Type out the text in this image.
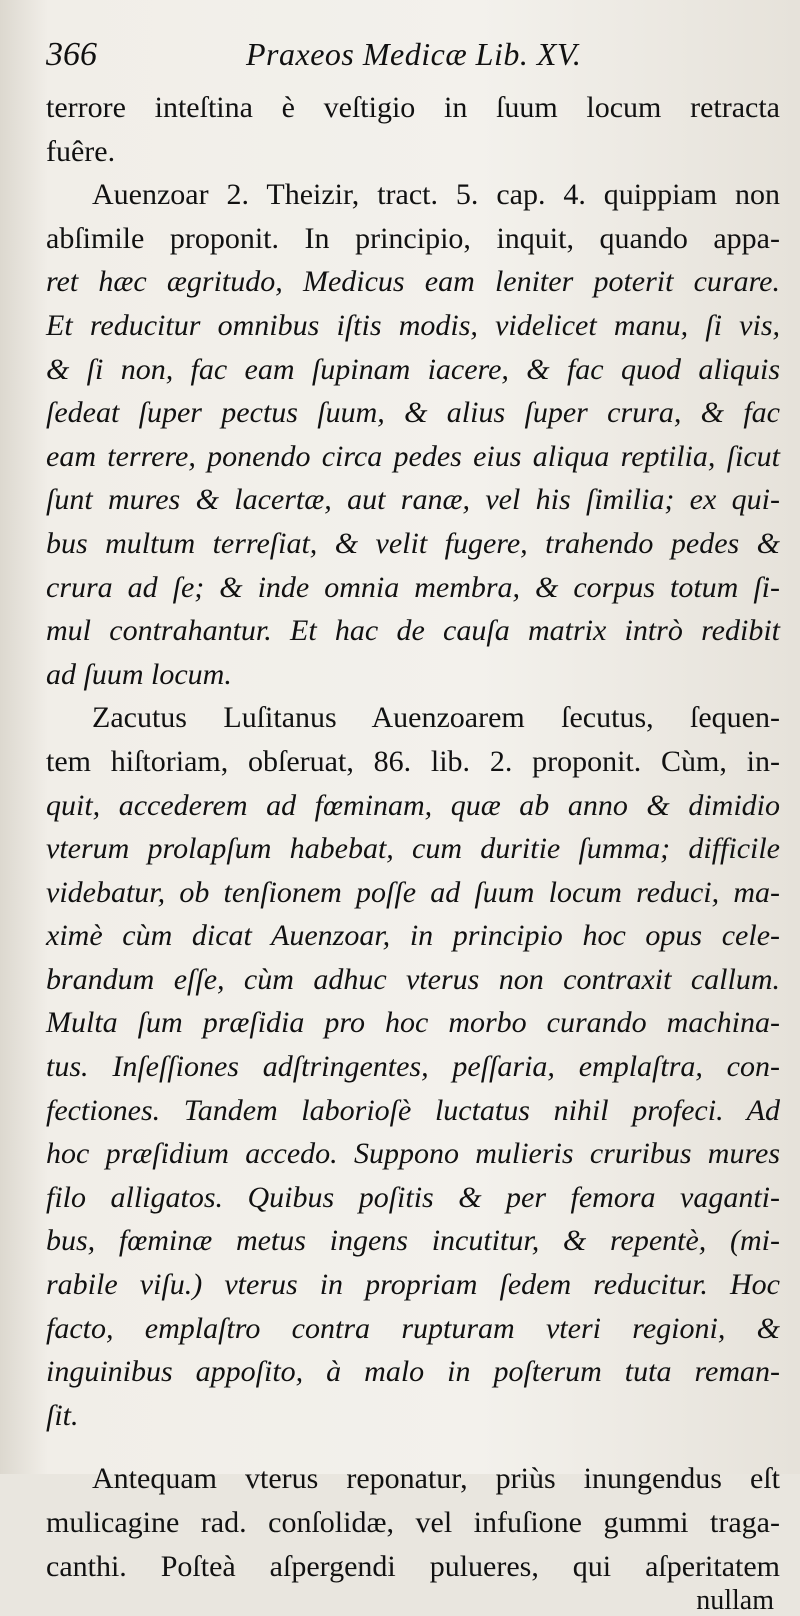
366	Praxeos Medicæ Lib. XV.

terrore inteſtina è veſtigio in ſuum locum retracta
fuêre.

Auenzoar 2. Theizir, tract. 5. cap. 4. quippiam non
abſimile proponit. In principio, inquit, quando appa-
ret hæc ægritudo, Medicus eam leniter poterit curare.
Et reducitur omnibus iſtis modis, videlicet manu, ſi vis,
& ſi non, fac eam ſupinam iacere, & fac quod aliquis
ſedeat ſuper pectus ſuum, & alius ſuper crura, & fac
eam terrere, ponendo circa pedes eius aliqua reptilia, ſicut
ſunt mures & lacertæ, aut ranæ, vel his ſimilia; ex qui-
bus multum terreſiat, & velit fugere, trahendo pedes &
crura ad ſe; & inde omnia membra, & corpus totum ſi-
mul contrahantur. Et hac de cauſa matrix intrò redibit
ad ſuum locum.

Zacutus Luſitanus Auenzoarem ſecutus, ſequen-
tem hiſtoriam, obſeruat, 86. lib. 2. proponit. Cùm, in-
quit, accederem ad fœminam, quæ ab anno & dimidio
vterum prolapſum habebat, cum duritie ſumma; difficile
videbatur, ob tenſionem poſſe ad ſuum locum reduci, ma-
ximè cùm dicat Auenzoar, in principio hoc opus cele-
brandum eſſe, cùm adhuc vterus non contraxit callum.
Multa ſum præſidia pro hoc morbo curando machina-
tus. Inſeſſiones adſtringentes, peſſaria, emplaſtra, con-
fectiones. Tandem laborioſè luctatus nihil profeci. Ad
hoc præſidium accedo. Suppono mulieris cruribus mures
filo alligatos. Quibus poſitis & per femora vaganti-
bus, fœminæ metus ingens incutitur, & repentè, (mi-
rabile viſu.) vterus in propriam ſedem reducitur. Hoc
facto, emplaſtro contra rupturam vteri regioni, &
inguinibus appoſito, à malo in poſterum tuta reman-
ſit.

Antequam vterus reponatur, priùs inungendus eſt
mulicagine rad. conſolidæ, vel infuſione gummi traga-
canthi. Poſteà aſpergendi pulueres, qui aſperitatem

nullam
